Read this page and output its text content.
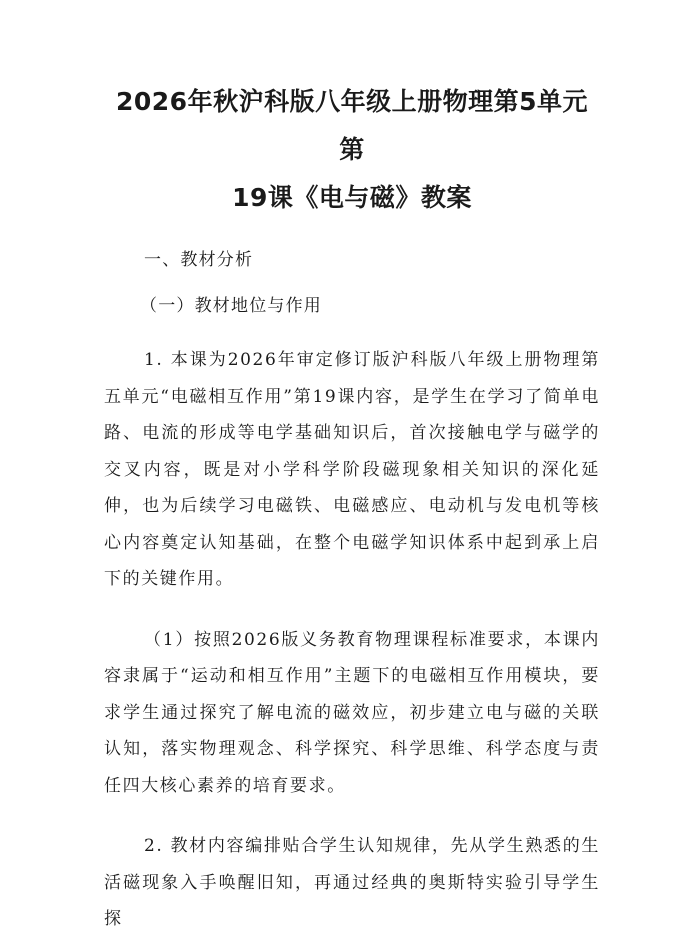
2026年秋沪科版八年级上册物理第5单元第
19课《电与磁》教案
一、教材分析
（一）教材地位与作用

1. 本课为2026年审定修订版沪科版八年级上册物理第五单元“电磁相互作用”第19课内容，是学生在学习了简单电路、电流的形成等电学基础知识后，首次接触电学与磁学的交叉内容，既是对小学科学阶段磁现象相关知识的深化延伸，也为后续学习电磁铁、电磁感应、电动机与发电机等核心内容奠定认知基础，在整个电磁学知识体系中起到承上启下的关键作用。

（1）按照2026版义务教育物理课程标准要求，本课内容隶属于“运动和相互作用”主题下的电磁相互作用模块，要求学生通过探究了解电流的磁效应，初步建立电与磁的关联认知，落实物理观念、科学探究、科学思维、科学态度与责任四大核心素养的培育要求。

2. 教材内容编排贴合学生认知规律，先从学生熟悉的生活磁现象入手唤醒旧知，再通过经典的奥斯特实验引导学生探
